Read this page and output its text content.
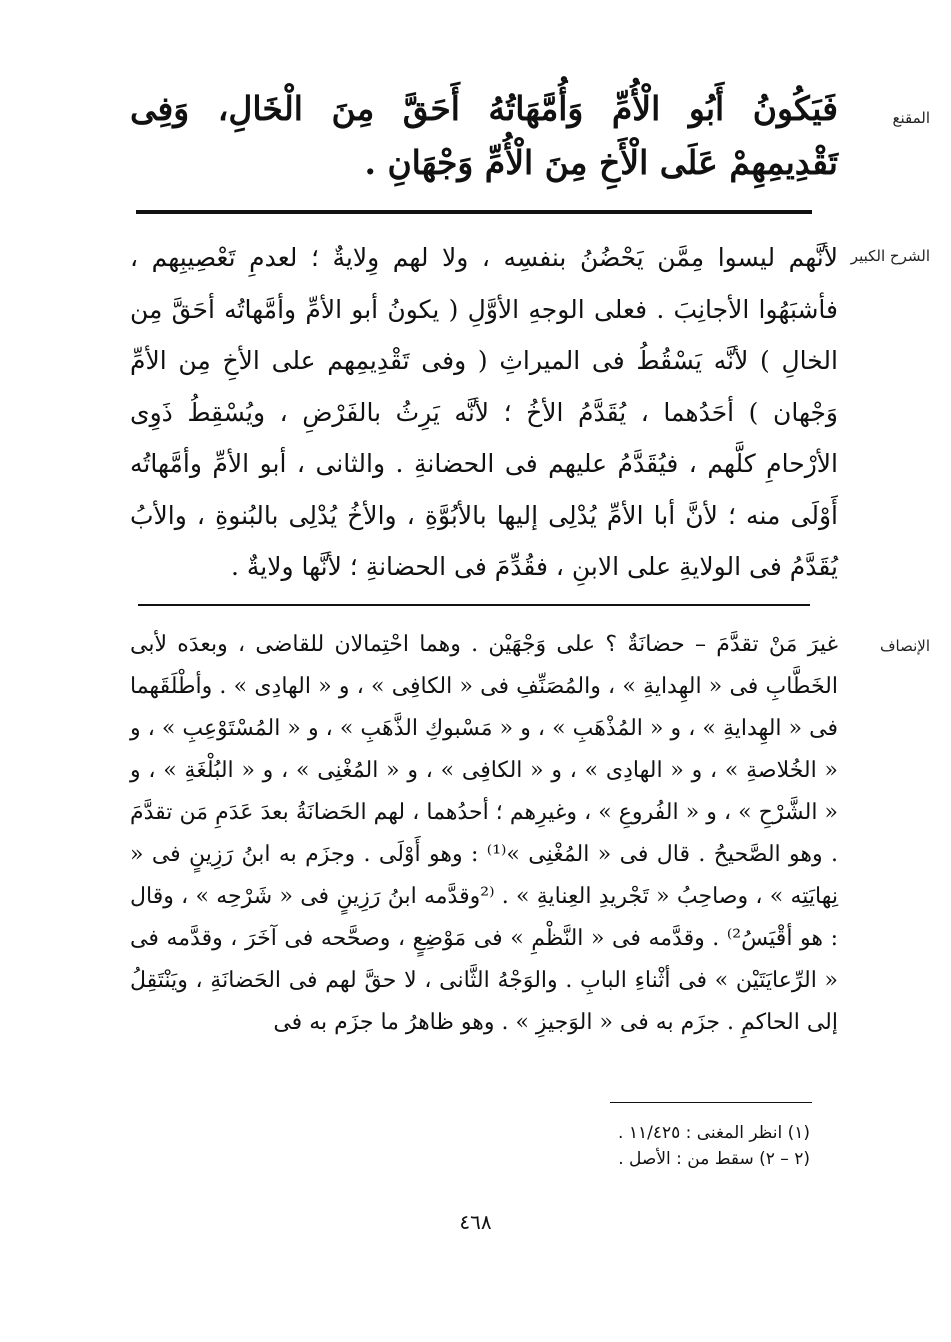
المقنع
فَيَكُونُ أَبُو الْأُمِّ وَأُمَّهَاتُهُ أَحَقَّ مِنَ الْخَالِ، وَفِى تَقْدِيمِهِمْ عَلَى الْأَخِ مِنَ الْأُمِّ وَجْهَانِ .
الشرح الكبير
لأنَّهم ليسوا مِمَّن يَحْضُنُ بنفسِه ، ولا لهم وِلايةٌ ؛ لعدمِ تَعْصِيبِهم ، فأشبَهُوا الأجانِبَ . فعلى الوجهِ الأوَّلِ ( يكونُ أبو الأمِّ وأمَّهاتُه أحَقَّ مِن الخالِ ) لأنَّه يَسْقُطُ فى الميراثِ ( وفى تَقْدِيمِهم على الأخِ مِن الأمِّ وَجْهان ) أحَدُهما ، يُقَدَّمُ الأخُ ؛ لأنَّه يَرِثُ بالفَرْضِ ، ويُسْقِطُ ذَوِى الأرْحامِ كلَّهم ، فيُقَدَّمُ عليهم فى الحضانةِ . والثانى ، أبو الأمِّ وأمَّهاتُه أَوْلَى منه ؛ لأنَّ أبا الأمِّ يُدْلِى إليها بالأبُوَّةِ ، والأخُ يُدْلِى بالبُنوةِ ، والأبُ يُقَدَّمُ فى الولايةِ على الابنِ ، فقُدِّمَ فى الحضانةِ ؛ لأنَّها ولايةٌ .
الإنصاف
غيرَ مَنْ تقدَّمَ – حضانَةٌ ؟ على وَجْهَيْن . وهما احْتِمالان للقاضى ، وبعدَه لأبى الخَطَّابِ فى « الهِدايةِ » ، والمُصَنِّفِ فى « الكافِى » ، و « الهادِى » . وأطْلَقَهما فى « الهِدايةِ » ، و « المُذْهَبِ » ، و « مَسْبوكِ الذَّهَبِ » ، و « المُسْتَوْعِبِ » ، و « الخُلاصةِ » ، و « الهادِى » ، و « الكافِى » ، و « المُغْنِى » ، و « البُلْغَةِ » ، و « الشَّرْحِ » ، و « الفُروعِ » ، وغيرِهم ؛ أحدُهما ، لهم الحَضانَةُ بعدَ عَدَمِ مَن تقدَّمَ . وهو الصَّحيحُ . قال فى « المُغْنِى »⁽¹⁾ : وهو أَوْلَى . وجزَم به ابنُ رَزِينٍ فى « نِهايَتِه » ، وصاحِبُ « تَجْريدِ العِنايةِ » . ⁽²وقدَّمه ابنُ رَزِينٍ فى « شَرْحِه » ، وقال : هو أقْيَسُ²⁾ . وقدَّمه فى « النَّظْمِ » فى مَوْضِعٍ ، وصحَّحه فى آخَرَ ، وقدَّمه فى « الرِّعايَتَيْن » فى أثْناءِ البابِ . والوَجْهُ الثَّانى ، لا حقَّ لهم فى الحَضانَةِ ، ويَنْتَقِلُ إلى الحاكمِ . جزَم به فى « الوَجيزِ » . وهو ظاهرُ ما جزَم به فى
(١) انظر المغنى : ١١/٤٢٥ .
(٢ – ٢) سقط من : الأصل .
٤٦٨
